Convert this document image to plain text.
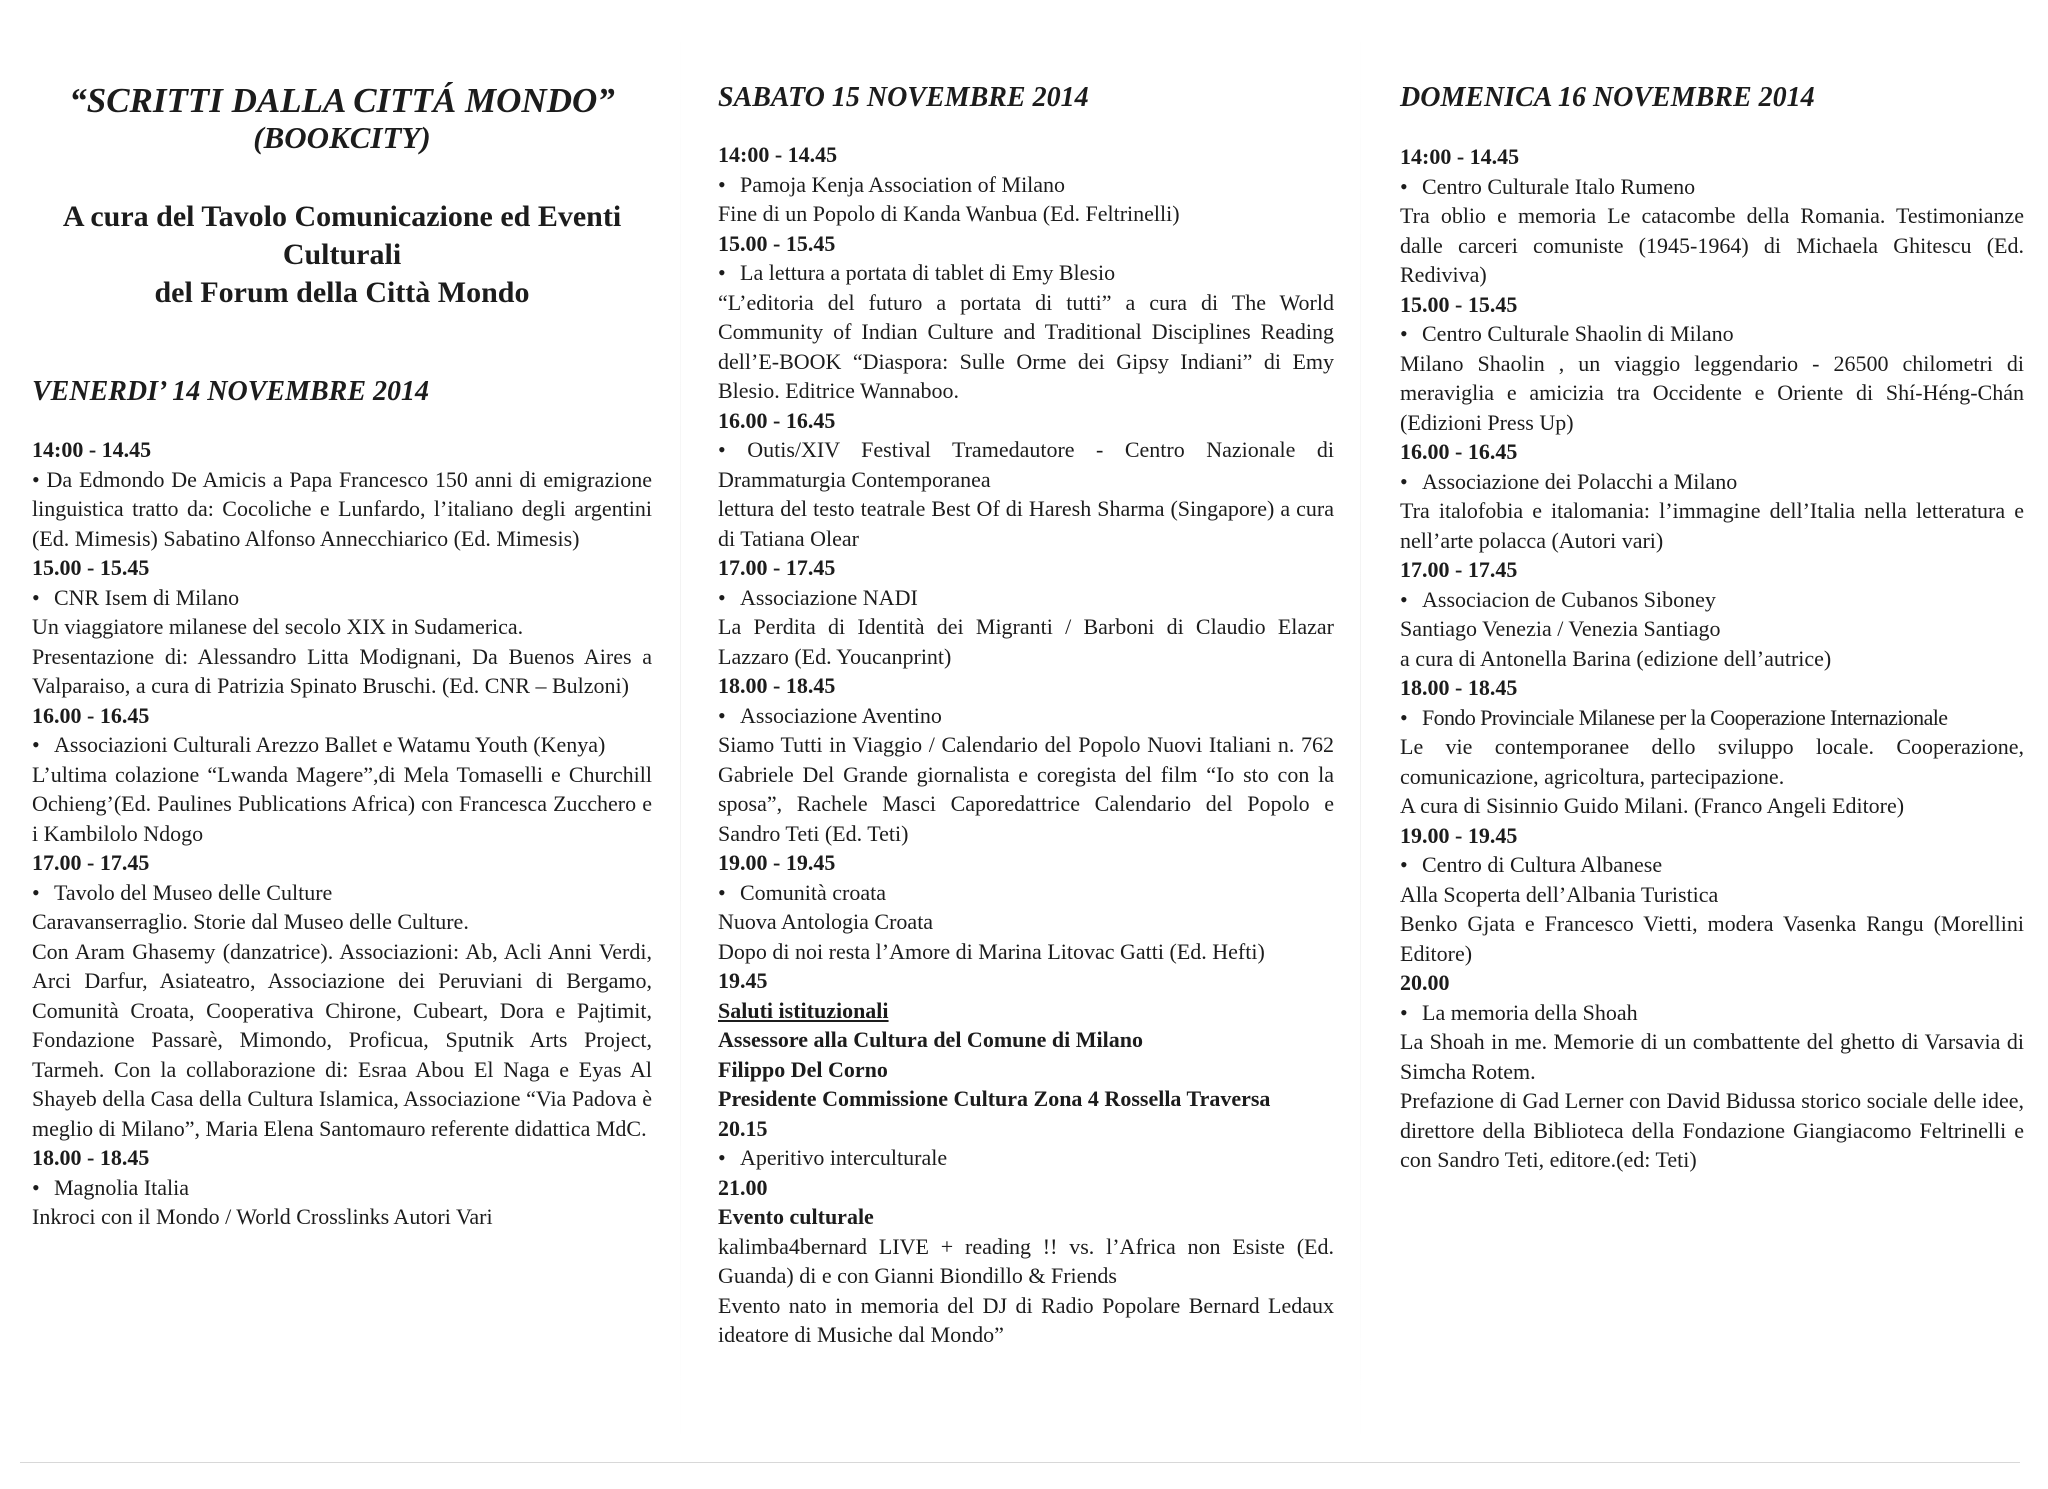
“SCRITTI DALLA CITTÁ MONDO”
(BOOKCITY)
A cura del Tavolo Comunicazione ed Eventi
Culturali
del Forum della Città Mondo
VENERDI’ 14 NOVEMBRE 2014
14:00 - 14.45
• Da Edmondo De Amicis a Papa Francesco 150 anni di emigrazione linguistica tratto da: Cocoliche e Lunfardo, l’italiano degli argentini (Ed. Mimesis) Sabatino Alfonso Annecchiarico (Ed. Mimesis)
15.00 - 15.45
• CNR Isem di Milano
Un viaggiatore milanese del secolo XIX in Sudamerica.
Presentazione di: Alessandro Litta Modignani, Da Buenos Aires a Valparaiso, a cura di Patrizia Spinato Bruschi. (Ed. CNR – Bulzoni)
16.00 - 16.45
• Associazioni Culturali Arezzo Ballet e Watamu Youth (Kenya)
L’ultima colazione “Lwanda Magere”,di Mela Tomaselli e Churchill Ochieng’(Ed. Paulines Publications Africa) con Francesca Zucchero e i Kambilolo Ndogo
17.00 - 17.45
• Tavolo del Museo delle Culture
Caravanserraglio. Storie dal Museo delle Culture.
Con Aram Ghasemy (danzatrice). Associazioni: Ab, Acli Anni Verdi, Arci Darfur, Asiateatro, Associazione dei Peruviani di Bergamo, Comunità Croata, Cooperativa Chirone, Cubeart, Dora e Pajtimit, Fondazione Passarè, Mimondo, Proficua, Sputnik Arts Project, Tarmeh. Con la collaborazione di: Esraa Abou El Naga e Eyas Al Shayeb della Casa della Cultura Islamica, Associazione “Via Padova è meglio di Milano”, Maria Elena Santomauro referente didattica MdC.
18.00 - 18.45
• Magnolia Italia
Inkroci con il Mondo / World Crosslinks Autori Vari
SABATO 15 NOVEMBRE 2014
14:00 - 14.45
• Pamoja Kenja Association of Milano
Fine di un Popolo di Kanda Wanbua (Ed. Feltrinelli)
15.00 - 15.45
• La lettura a portata di tablet di Emy Blesio
“L’editoria del futuro a portata di tutti” a cura di The World Community of Indian Culture and Traditional Disciplines Reading dell’E-BOOK “Diaspora: Sulle Orme dei Gipsy Indiani” di Emy Blesio. Editrice Wannaboo.
16.00 - 16.45
• Outis/XIV Festival Tramedautore - Centro Nazionale di Drammaturgia Contemporanea
lettura del testo teatrale Best Of di Haresh Sharma (Singapore) a cura di Tatiana Olear
17.00 - 17.45
• Associazione NADI
La Perdita di Identità dei Migranti / Barboni di Claudio Elazar Lazzaro (Ed. Youcanprint)
18.00 - 18.45
• Associazione Aventino
Siamo Tutti in Viaggio / Calendario del Popolo Nuovi Italiani n. 762 Gabriele Del Grande giornalista e coregista del film “Io sto con la sposa”, Rachele Masci Caporedattrice Calendario del Popolo e Sandro Teti (Ed. Teti)
19.00 - 19.45
• Comunità croata
Nuova Antologia Croata
Dopo di noi resta l’Amore di Marina Litovac Gatti (Ed. Hefti)
19.45
Saluti istituzionali
Assessore alla Cultura del Comune di Milano
Filippo Del Corno
Presidente Commissione Cultura Zona 4 Rossella Traversa
20.15
• Aperitivo interculturale
21.00
Evento culturale
kalimba4bernard LIVE + reading !! vs. l’Africa non Esiste (Ed. Guanda) di e con Gianni Biondillo & Friends
Evento nato in memoria del DJ di Radio Popolare Bernard Ledaux ideatore di Musiche dal Mondo”
DOMENICA 16 NOVEMBRE 2014
14:00 - 14.45
• Centro Culturale Italo Rumeno
Tra oblio e memoria Le catacombe della Romania. Testimonianze dalle carceri comuniste (1945-1964) di Michaela Ghitescu (Ed. Rediviva)
15.00 - 15.45
• Centro Culturale Shaolin di Milano
Milano Shaolin , un viaggio leggendario - 26500 chilometri di meraviglia e amicizia tra Occidente e Oriente di Shí-Héng-Chán (Edizioni Press Up)
16.00 - 16.45
• Associazione dei Polacchi a Milano
Tra italofobia e italomania: l’immagine dell’Italia nella letteratura e nell’arte polacca (Autori vari)
17.00 - 17.45
• Associacion de Cubanos Siboney
Santiago Venezia / Venezia Santiago
a cura di Antonella Barina (edizione dell’autrice)
18.00 - 18.45
• Fondo Provinciale Milanese per la Cooperazione Internazionale
Le vie contemporanee dello sviluppo locale. Cooperazione, comunicazione, agricoltura, partecipazione.
A cura di Sisinnio Guido Milani. (Franco Angeli Editore)
19.00 - 19.45
• Centro di Cultura Albanese
Alla Scoperta dell’Albania Turistica
Benko Gjata e Francesco Vietti, modera Vasenka Rangu (Morellini Editore)
20.00
• La memoria della Shoah
La Shoah in me. Memorie di un combattente del ghetto di Varsavia di Simcha Rotem.
Prefazione di Gad Lerner con David Bidussa storico sociale delle idee, direttore della Biblioteca della Fondazione Giangiacomo Feltrinelli e con Sandro Teti, editore.(ed: Teti)
